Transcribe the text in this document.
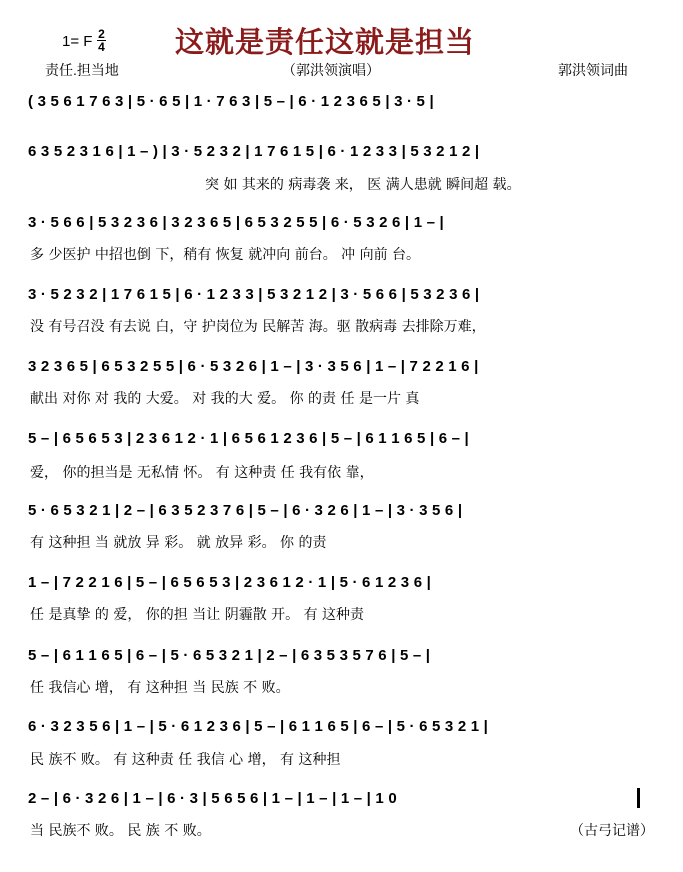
1= F 2
4 这就是责任这就是担当
责任.担当地	（郭洪领演唱）	郭洪领词曲
( 3 5 6 1 7 6 3 | 5 · 6 5 | 1 · 7 6 3 | 5 – | 6 · 1 2 3 6 5 | 3 · 5 |
6 3 5 2 3 1 6 | 1 – ) | 3 · 5 2 3 2 | 1 7 6 1 5 | 6 · 1 2 3 3 | 5 3 2 1 2 |
突 如 其来的 病毒袭 来， 医 满人患就 瞬间超 载。
3 · 5 6 6 | 5 3 2 3 6 | 3 2 3 6 5 | 6 5 3 2 5 5 | 6 · 5 3 2 6 | 1 – |
多 少医护 中招也倒 下，稍有 恢复 就冲向 前台。 冲 向前 台。
3 · 5 2 3 2 | 1 7 6 1 5 | 6 · 1 2 3 3 | 5 3 2 1 2 | 3 · 5 6 6 | 5 3 2 3 6 |
没 有号召没 有去说 白，守 护岗位为 民解苦 海。驱 散病毒 去排除万难，
3 2 3 6 5 | 6 5 3 2 5 5 | 6 · 5 3 2 6 | 1 – | 3 · 3 5 6 | 1 – | 7 2 2 1 6 |
献出 对你 对 我的 大爱。 对 我的大 爱。 你 的责 任 是一片 真
5 – | 6 5 6 5 3 | 2 3 6 1 2 · 1 | 6 5 6 1 2 3 6 | 5 – | 6 1 1 6 5 | 6 – |
爱， 你的担当是 无私情 怀。 有 这种责 任 我有依 靠，
5 · 6 5 3 2 1 | 2 – | 6 3 5 2 3 7 6 | 5 – | 6 · 3 2 6 | 1 – | 3 · 3 5 6 |
有 这种担 当 就放 异 彩。 就 放异 彩。 你 的责
1 – | 7 2 2 1 6 | 5 – | 6 5 6 5 3 | 2 3 6 1 2 · 1 | 5 · 6 1 2 3 6 |
任 是真挚 的 爱， 你的担 当让 阴霾散 开。 有 这种责
5 – | 6 1 1 6 5 | 6 – | 5 · 6 5 3 2 1 | 2 – | 6 3 5 3 5 7 6 | 5 – |
任 我信心 增， 有 这种担 当 民族 不 败。
6 · 3 2 3 5 6 | 1 – | 5 · 6 1 2 3 6 | 5 – | 6 1 1 6 5 | 6 – | 5 · 6 5 3 2 1 |
民 族不 败。 有 这种责 任 我信 心 增， 有 这种担
2 – | 6 · 3 2 6 | 1 – | 6 · 3 | 5 6 5 6 | 1 – | 1 – | 1 – | 1 0
当 民族不 败。 民 族 不 败。	（古弓记谱）
